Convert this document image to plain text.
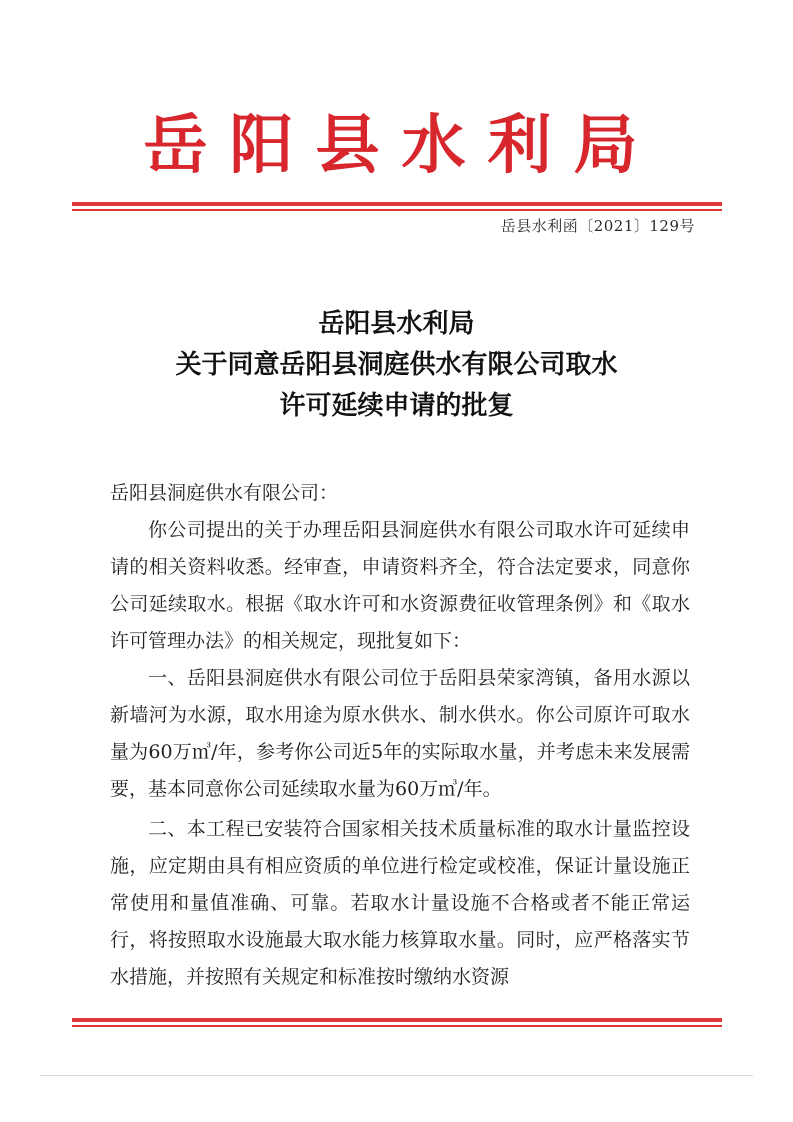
岳阳县水利局
岳县水利函〔2021〕129号
岳阳县水利局
关于同意岳阳县洞庭供水有限公司取水
许可延续申请的批复

岳阳县洞庭供水有限公司：

你公司提出的关于办理岳阳县洞庭供水有限公司取水许可延续申请的相关资料收悉。经审查，申请资料齐全，符合法定要求，同意你公司延续取水。根据《取水许可和水资源费征收管理条例》和《取水许可管理办法》的相关规定，现批复如下：

一、岳阳县洞庭供水有限公司位于岳阳县荣家湾镇，备用水源以新墙河为水源，取水用途为原水供水、制水供水。你公司原许可取水量为60万㎥/年，参考你公司近5年的实际取水量，并考虑未来发展需要，基本同意你公司延续取水量为60万㎥/年。

二、本工程已安装符合国家相关技术质量标准的取水计量监控设施，应定期由具有相应资质的单位进行检定或校准，保证计量设施正常使用和量值准确、可靠。若取水计量设施不合格或者不能正常运行，将按照取水设施最大取水能力核算取水量。同时，应严格落实节水措施，并按照有关规定和标准按时缴纳水资源
